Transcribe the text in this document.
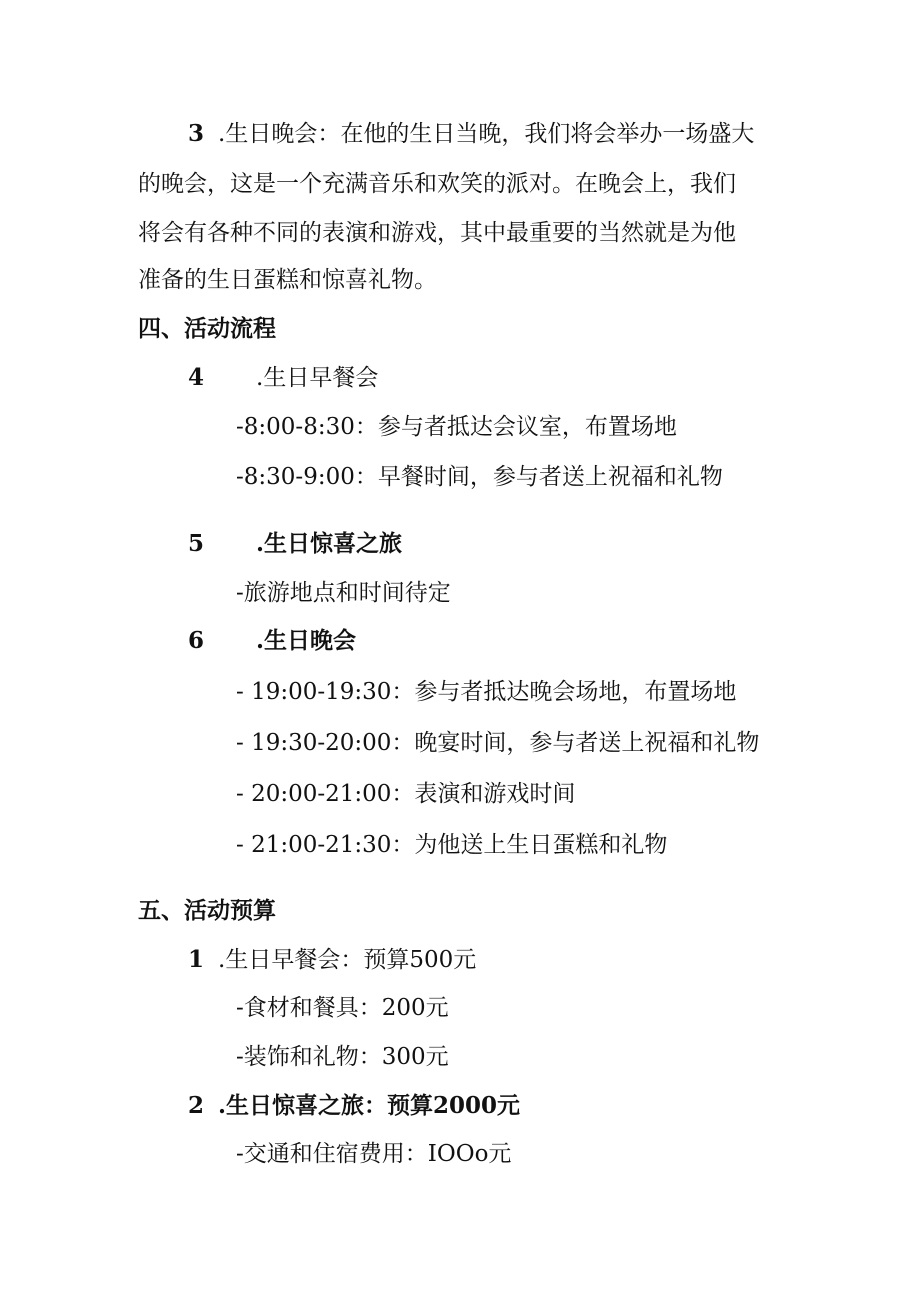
3 .生日晚会：在他的生日当晚，我们将会举办一场盛大
的晚会，这是一个充满音乐和欢笑的派对。在晚会上，我们
将会有各种不同的表演和游戏，其中最重要的当然就是为他
准备的生日蛋糕和惊喜礼物。
四、活动流程
4 .生日早餐会
-8:00-8:30：参与者抵达会议室，布置场地
-8:30-9:00：早餐时间，参与者送上祝福和礼物
5 .生日惊喜之旅
-旅游地点和时间待定
6 .生日晚会
- 19:00-19:30：参与者抵达晚会场地，布置场地
- 19:30-20:00：晚宴时间，参与者送上祝福和礼物
- 20:00-21:00：表演和游戏时间
- 21:00-21:30：为他送上生日蛋糕和礼物
五、活动预算
1 .生日早餐会：预算500元
-食材和餐具：200元
-装饰和礼物：300元
2 .生日惊喜之旅：预算2000元
-交通和住宿费用：IOOo元
